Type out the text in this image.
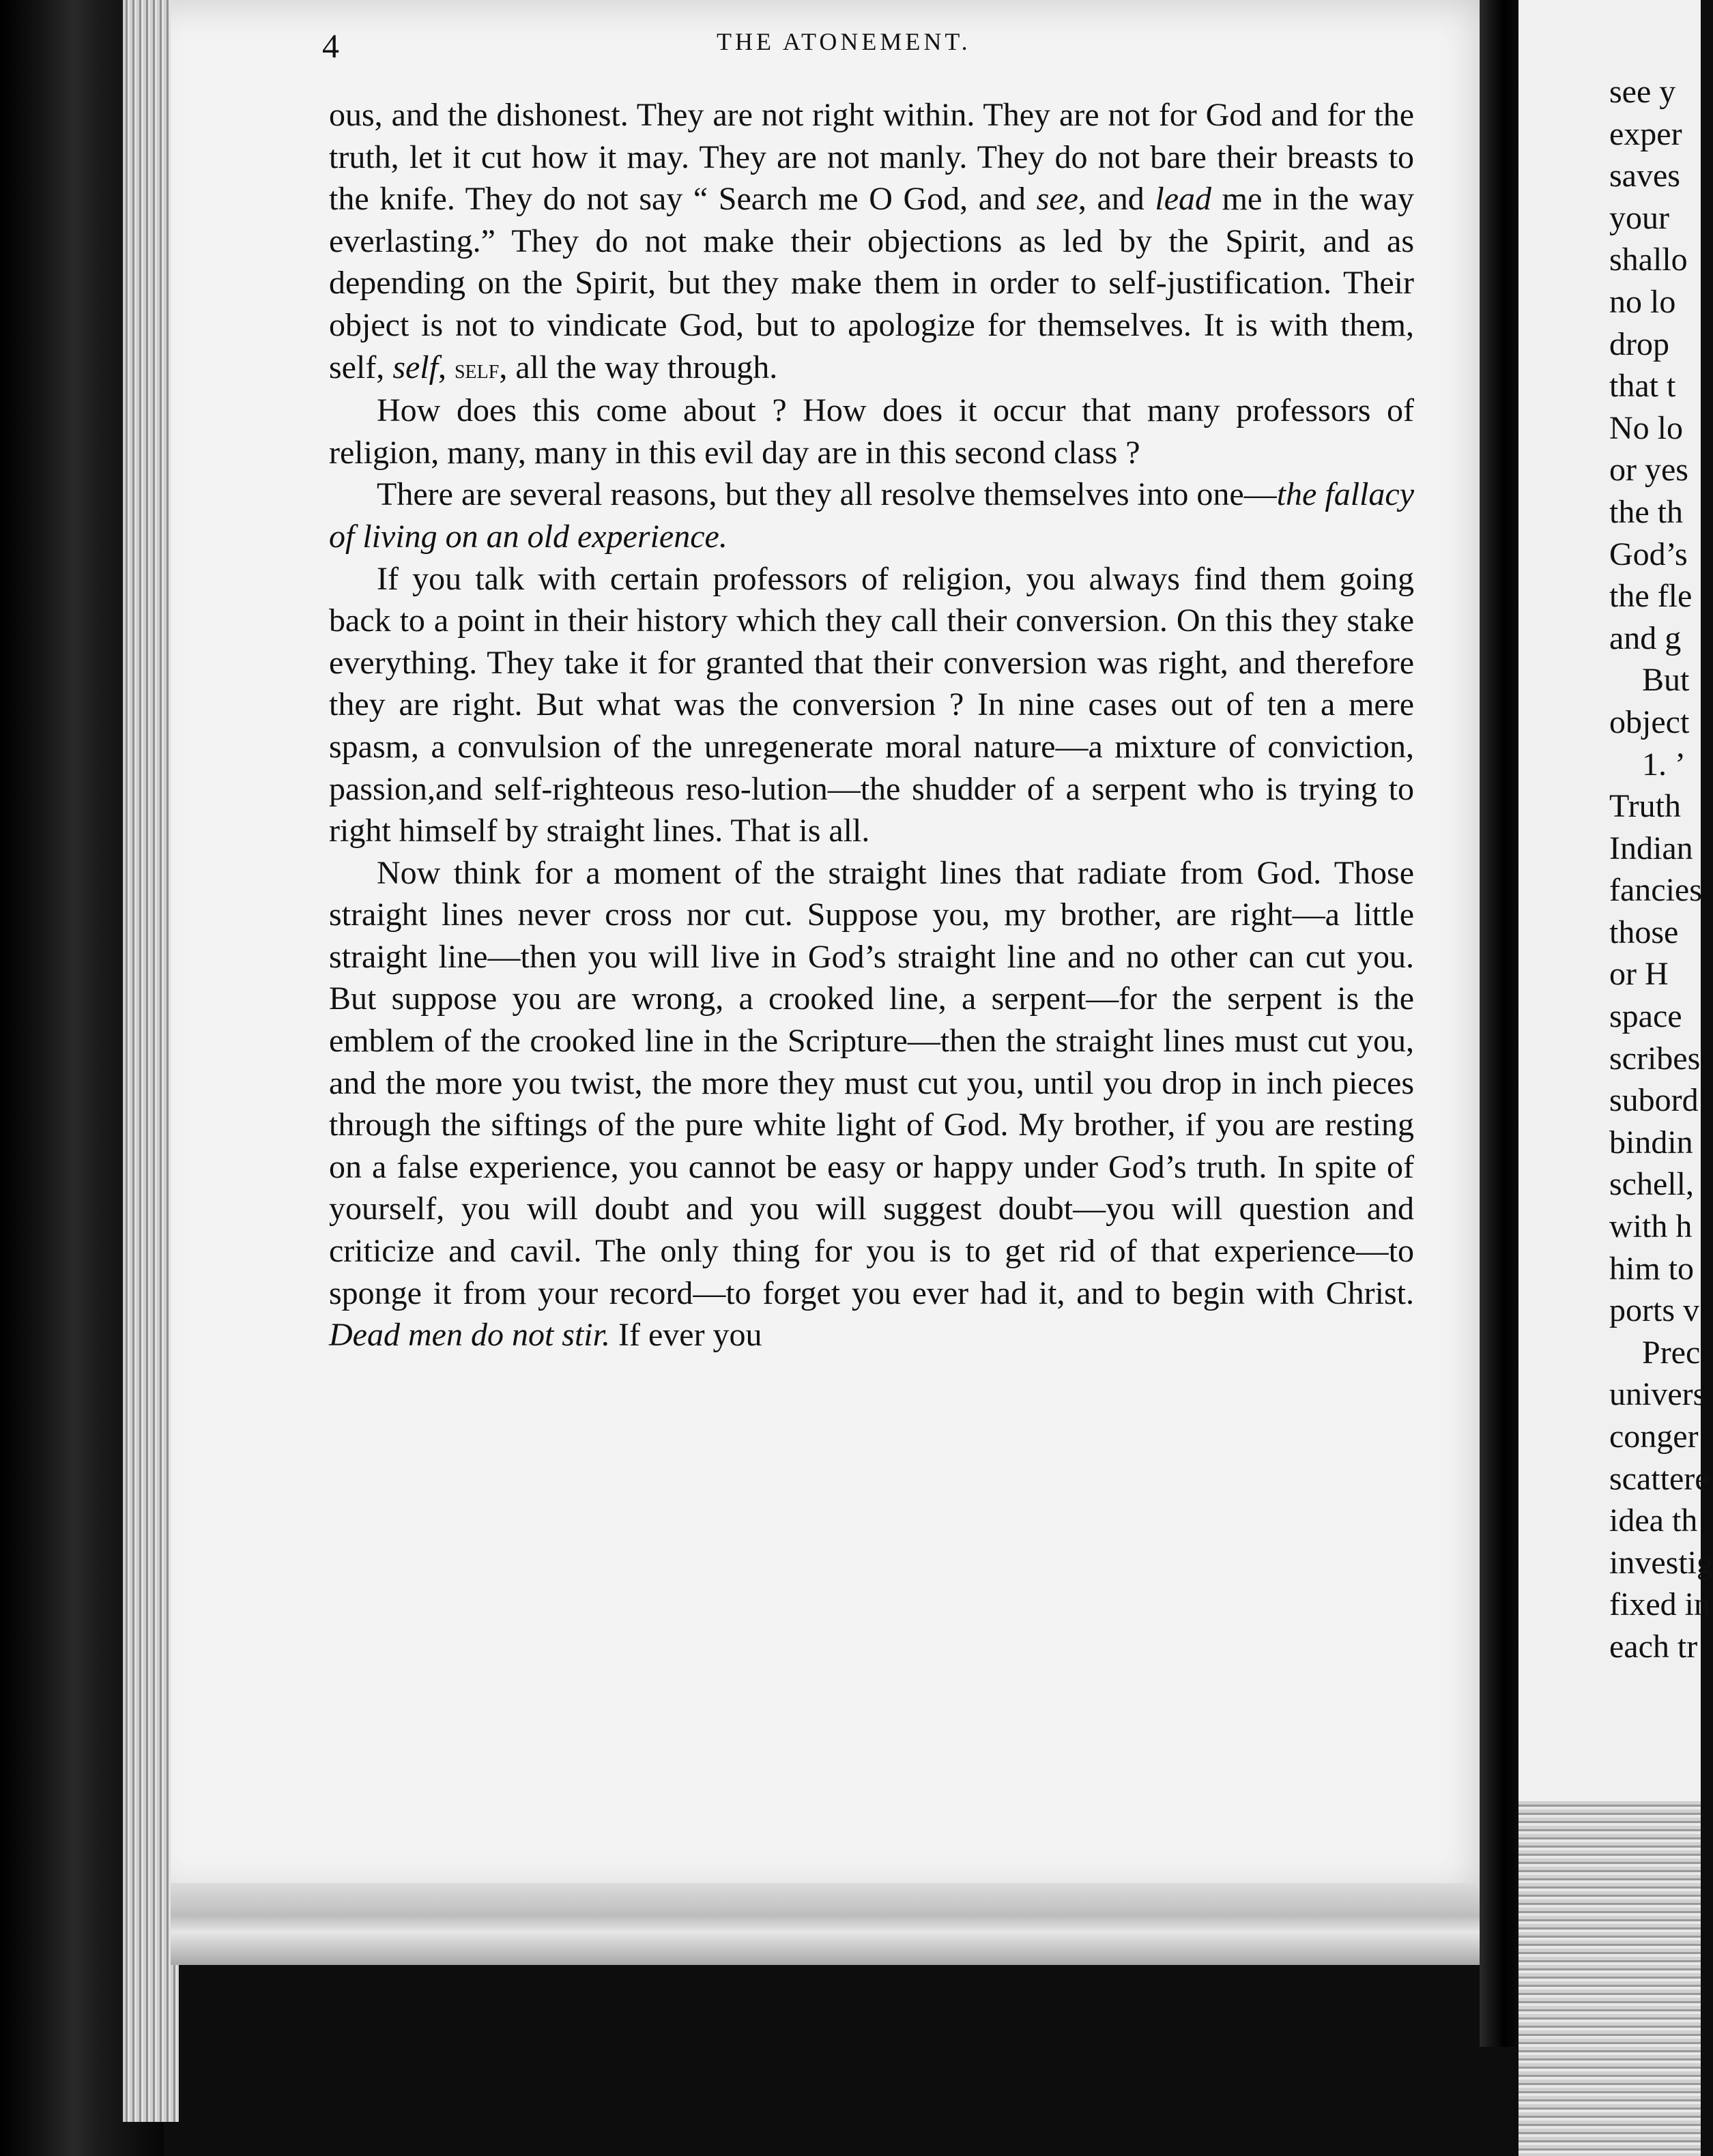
4	THE ATONEMENT.

ous, and the dishonest. They are not right within. They are not for God and for the truth, let it cut how it may. They are not manly. They do not bare their breasts to the knife. They do not say “ Search me O God, and see, and lead me in the way everlasting.” They do not make their objections as led by the Spirit, and as depending on the Spirit, but they make them in order to self-justification. Their object is not to vindicate God, but to apologize for themselves. It is with them, self, self, self, all the way through.

How does this come about ? How does it occur that many professors of religion, many, many in this evil day are in this second class ?

There are several reasons, but they all resolve themselves into one—the fallacy of living on an old experience.

If you talk with certain professors of religion, you always find them going back to a point in their history which they call their conversion. On this they stake everything. They take it for granted that their conversion was right, and therefore they are right. But what was the conversion ? In nine cases out of ten a mere spasm, a convulsion of the unregenerate moral nature—a mixture of conviction, passion,and self-righteous reso-lution—the shudder of a serpent who is trying to right himself by straight lines. That is all.

Now think for a moment of the straight lines that radiate from God. Those straight lines never cross nor cut. Suppose you, my brother, are right—a little straight line—then you will live in God’s straight line and no other can cut you. But suppose you are wrong, a crooked line, a serpent—for the serpent is the emblem of the crooked line in the Scripture—then the straight lines must cut you, and the more you twist, the more they must cut you, until you drop in inch pieces through the siftings of the pure white light of God. My brother, if you are resting on a false experience, you cannot be easy or happy under God’s truth. In spite of yourself, you will doubt and you will suggest doubt—you will question and criticize and cavil. The only thing for you is to get rid of that experience—to sponge it from your record—to forget you ever had it, and to begin with Christ. Dead men do not stir. If ever you

see y
exper
saves
your
shallo
no lo
drop
that t
No lo
or yes
the th
God’s
the fle
and g
But
object
1. ’
Truth
Indian
fancies
those
or H
space
scribes
subord
bindin
schell,
with h
him to
ports v
Prec
univers
conger
scattere
idea th
investig
fixed in
each tr
